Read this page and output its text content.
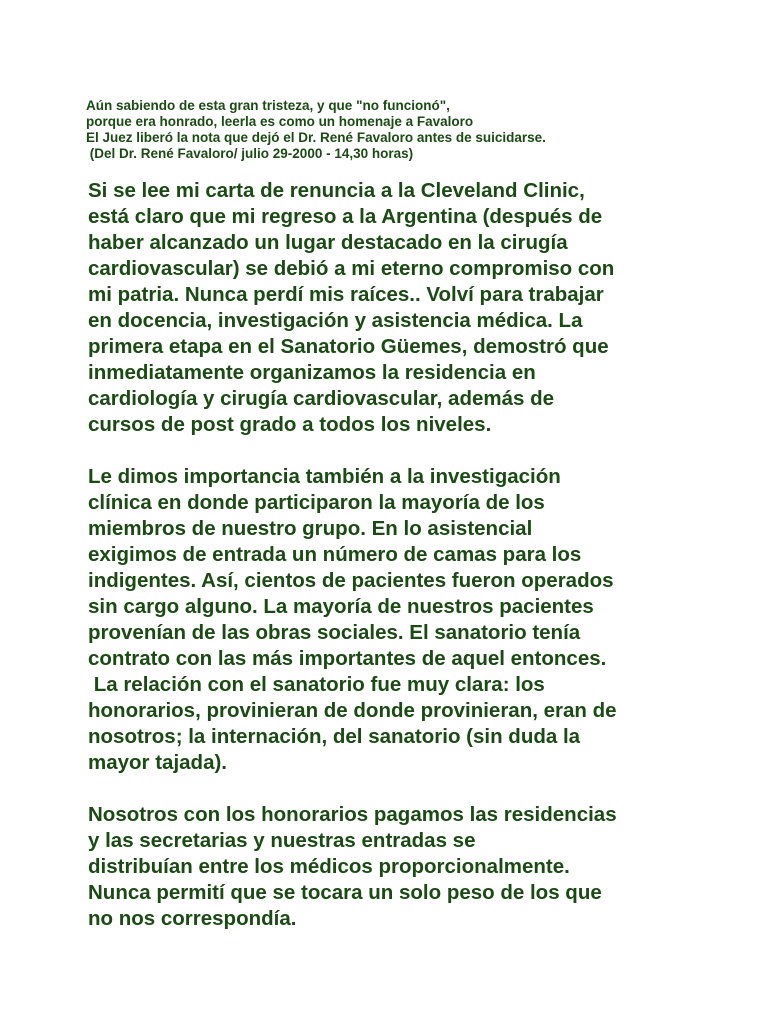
Aún sabiendo de esta gran tristeza, y que "no funcionó",
porque era honrado, leerla es como un homenaje a Favaloro
El Juez liberó la nota que dejó el Dr. René Favaloro antes de suicidarse.
(Del Dr. René Favaloro/ julio 29-2000 - 14,30 horas)
Si se lee mi carta de renuncia a la Cleveland Clinic,
está claro que mi regreso a la Argentina (después de
haber alcanzado un lugar destacado en la cirugía
cardiovascular) se debió a mi eterno compromiso con
mi patria. Nunca perdí mis raíces.. Volví para trabajar
en docencia, investigación y asistencia médica. La
primera etapa en el Sanatorio Güemes, demostró que
inmediatamente organizamos la residencia en
cardiología y cirugía cardiovascular, además de
cursos de post grado a todos los niveles.
Le dimos importancia también a la investigación
clínica en donde participaron la mayoría de los
miembros de nuestro grupo. En lo asistencial
exigimos de entrada un número de camas para los
indigentes. Así, cientos de pacientes fueron operados
sin cargo alguno. La mayoría de nuestros pacientes
provenían de las obras sociales. El sanatorio tenía
contrato con las más importantes de aquel entonces.
La relación con el sanatorio fue muy clara: los
honorarios, provinieran de donde provinieran, eran de
nosotros; la internación, del sanatorio (sin duda la
mayor tajada).
Nosotros con los honorarios pagamos las residencias
y las secretarias y nuestras entradas se
distribuían entre los médicos proporcionalmente.
Nunca permití que se tocara un solo peso de los que
no nos correspondía.
